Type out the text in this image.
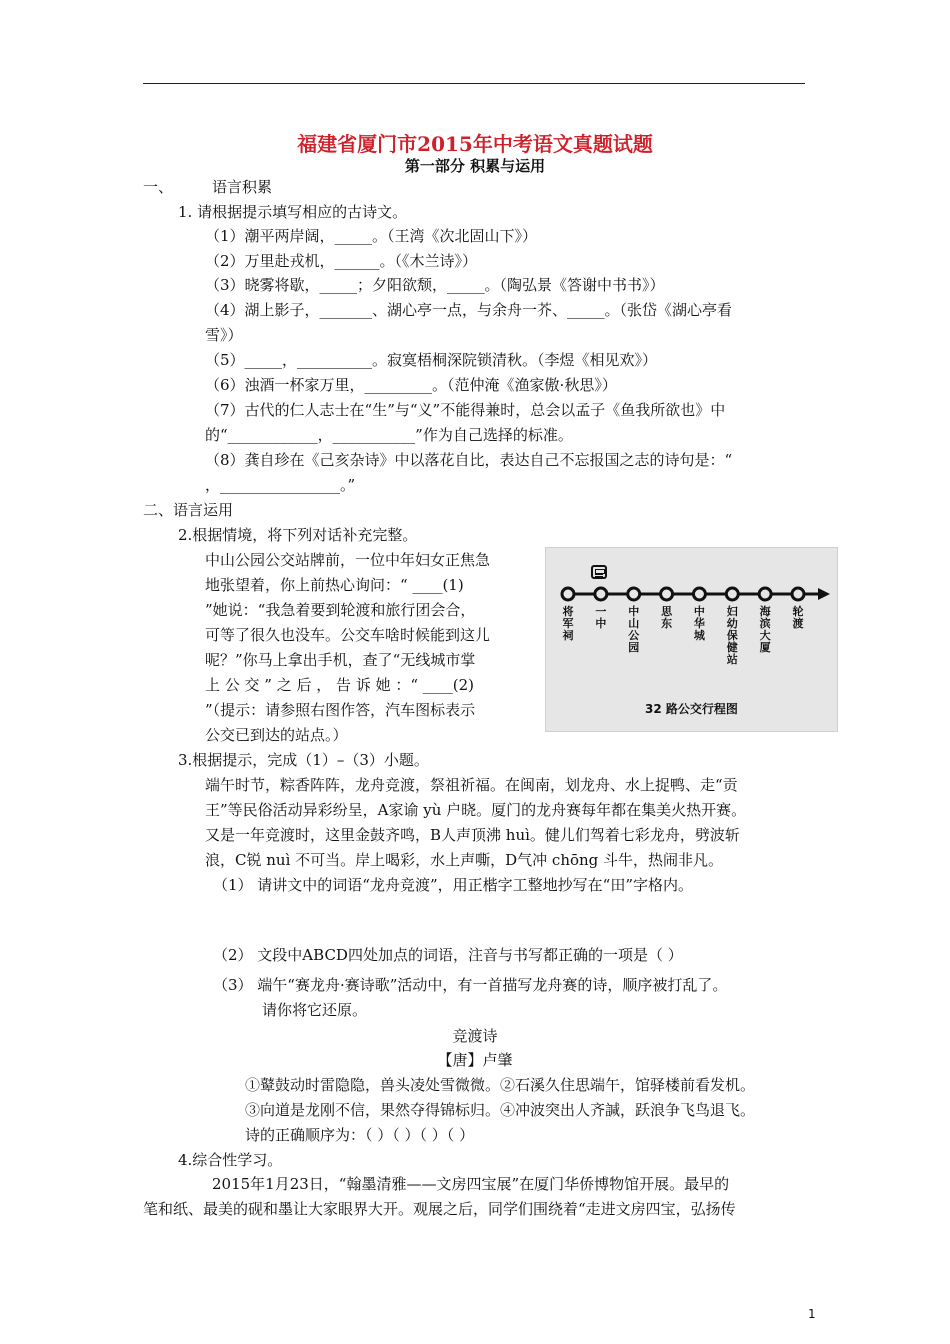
福建省厦门市2015年中考语文真题试题
第一部分 积累与运用
一、	语言积累
1. 请根据提示填写相应的古诗文。
（1）潮平两岸阔，_____。（王湾《次北固山下》）
（2）万里赴戎机，______。（《木兰诗》）
（3）晓雾将歇，_____；夕阳欲颓，_____。（陶弘景《答谢中书书》）
（4）湖上影子，_______、湖心亭一点，与余舟一芥、_____。（张岱《湖心亭看
雪》）
（5）_____，__________。寂寞梧桐深院锁清秋。（李煜《相见欢》）
（6）浊酒一杯家万里，_________。（范仲淹《渔家傲·秋思》）
（7）古代的仁人志士在“生”与“义”不能得兼时，总会以孟子《鱼我所欲也》中
的“____________，___________”作为自己选择的标准。
（8）龚自珍在《己亥杂诗》中以落花自比，表达自己不忘报国之志的诗句是：“
，________________。”
二、语言运用
2.根据情境，将下列对话补充完整。
中山公园公交站牌前，一位中年妇女正焦急
地张望着，你上前热心询问：“ ____(1)
”她说：“我急着要到轮渡和旅行团会合，
可等了很久也没车。公交车啥时候能到这儿
呢？”你马上拿出手机，查了“无线城市掌
上 公 交 ” 之 后 ， 告 诉 她 ：“ ____(2)
”（提示：请参照右图作答，汽车图标表示
公交已到达的站点。）
将军祠
一中
中山公园
思东
中华城
妇幼保健站
海滨大厦
轮渡
32 路公交行程图
3.根据提示，完成（1）–（3）小题。
端午时节，粽香阵阵，龙舟竞渡，祭祖祈福。在闽南，划龙舟、水上捉鸭、走“贡
王”等民俗活动异彩纷呈，A家谕 yù 户晓。厦门的龙舟赛每年都在集美火热开赛。
又是一年竞渡时，这里金鼓齐鸣，B人声顶沸 huì。健儿们驾着七彩龙舟，劈波斩
浪，C锐 nuì 不可当。岸上喝彩，水上声嘶，D气冲 chōng 斗牛，热闹非凡。
（1） 请讲文中的词语“龙舟竞渡”，用正楷字工整地抄写在“田”字格内。
（2） 文段中ABCD四处加点的词语，注音与书写都正确的一项是（ ）
（3） 端午“赛龙舟·赛诗歌”活动中，有一首描写龙舟赛的诗，顺序被打乱了。
请你将它还原。
竞渡诗
【唐】卢肇
①鼙鼓动时雷隐隐，兽头凌处雪微微。②石溪久住思端午，馆驿楼前看发机。
③向道是龙刚不信，果然夺得锦标归。④冲波突出人齐諴，跃浪争飞鸟退飞。
诗的正确顺序为：（ ）（ ）（ ）（ ）
4.综合性学习。
2015年1月23日，“翰墨清雅——文房四宝展”在厦门华侨博物馆开展。最早的
笔和纸、最美的砚和墨让大家眼界大开。观展之后，同学们围绕着“走进文房四宝，弘扬传
1
